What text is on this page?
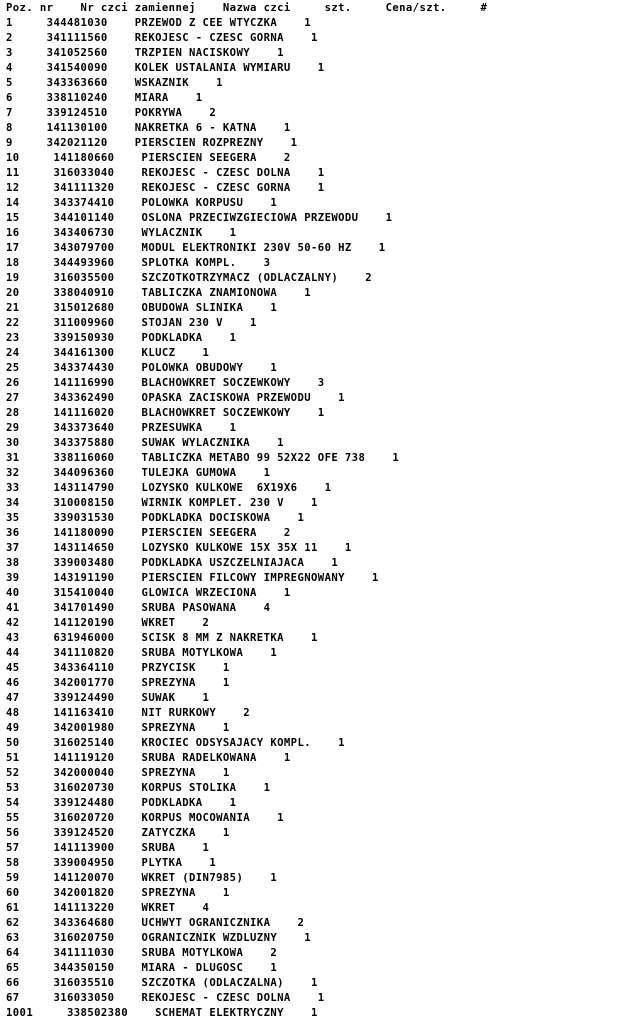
Poz. nr    Nr czci zamiennej    Nazwa czci     szt.     Cena/szt.     #
1     344481030    PRZEWOD Z CEE WTYCZKA    1
2     341111560    REKOJESC - CZESC GORNA    1
3     341052560    TRZPIEN NACISKOWY    1
4     341540090    KOLEK USTALANIA WYMIARU    1
5     343363660    WSKAZNIK    1
6     338110240    MIARA    1
7     339124510    POKRYWA    2
8     141130100    NAKRETKA 6 - KATNA    1
9     342021120    PIERSCIEN ROZPREZNY    1
10     141180660    PIERSCIEN SEEGERA    2
11     316033040    REKOJESC - CZESC DOLNA    1
12     341111320    REKOJESC - CZESC GORNA    1
14     343374410    POLOWKA KORPUSU    1
15     344101140    OSLONA PRZECIWZGIECIOWA PRZEWODU    1
16     343406730    WYLACZNIK    1
17     343079700    MODUL ELEKTRONIKI 230V 50-60 HZ    1
18     344493960    SPLOTKA KOMPL.    3
19     316035500    SZCZOTKOTRZYMACZ (ODLACZALNY)    2
20     338040910    TABLICZKA ZNAMIONOWA    1
21     315012680    OBUDOWA SLINIKA    1
22     311009960    STOJAN 230 V    1
23     339150930    PODKLADKA    1
24     344161300    KLUCZ    1
25     343374430    POLOWKA OBUDOWY    1
26     141116990    BLACHOWKRET SOCZEWKOWY    3
27     343362490    OPASKA ZACISKOWA PRZEWODU    1
28     141116020    BLACHOWKRET SOCZEWKOWY    1
29     343373640    PRZESUWKA    1
30     343375880    SUWAK WYLACZNIKA    1
31     338116060    TABLICZKA METABO 99 52X22 OFE 738    1
32     344096360    TULEJKA GUMOWA    1
33     143114790    LOZYSKO KULKOWE  6X19X6    1
34     310008150    WIRNIK KOMPLET. 230 V    1
35     339031530    PODKLADKA DOCISKOWA    1
36     141180090    PIERSCIEN SEEGERA    2
37     143114650    LOZYSKO KULKOWE 15X 35X 11    1
38     339003480    PODKLADKA USZCZELNIAJACA    1
39     143191190    PIERSCIEN FILCOWY IMPREGNOWANY    1
40     315410040    GLOWICA WRZECIONA    1
41     341701490    SRUBA PASOWANA    4
42     141120190    WKRET    2
43     631946000    SCISK 8 MM Z NAKRETKA    1
44     341110820    SRUBA MOTYLKOWA    1
45     343364110    PRZYCISK    1
46     342001770    SPREZYNA    1
47     339124490    SUWAK    1
48     141163410    NIT RURKOWY    2
49     342001980    SPREZYNA    1
50     316025140    KROCIEC ODSYSAJACY KOMPL.    1
51     141119120    SRUBA RADELKOWANA    1
52     342000040    SPREZYNA    1
53     316020730    KORPUS STOLIKA    1
54     339124480    PODKLADKA    1
55     316020720    KORPUS MOCOWANIA    1
56     339124520    ZATYCZKA    1
57     141113900    SRUBA    1
58     339004950    PLYTKA    1
59     141120070    WKRET (DIN7985)    1
60     342001820    SPREZYNA    1
61     141113220    WKRET    4
62     343364680    UCHWYT OGRANICZNIKA    2
63     316020750    OGRANICZNIK WZDLUZNY    1
64     341111030    SRUBA MOTYLKOWA    2
65     344350150    MIARA - DLUGOSC    1
66     316035510    SZCZOTKA (ODLACZALNA)    1
67     316033050    REKOJESC - CZESC DOLNA    1
1001     338502380    SCHEMAT ELEKTRYCZNY    1
